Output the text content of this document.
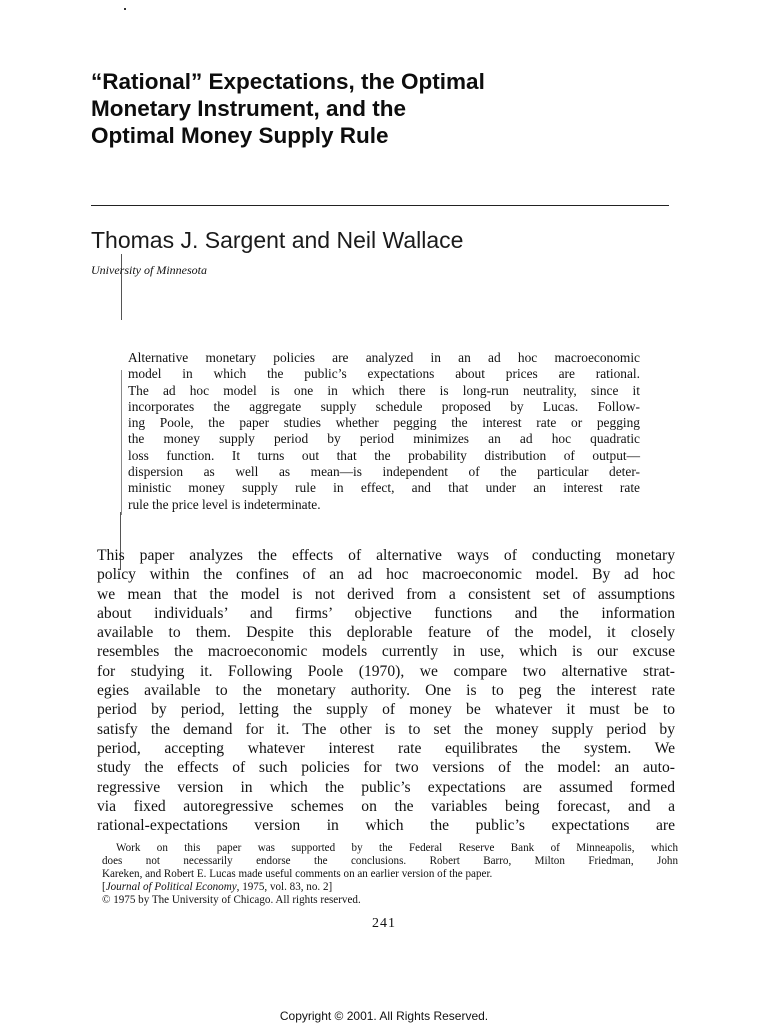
“Rational” Expectations, the Optimal
Monetary Instrument, and the
Optimal Money Supply Rule
Thomas J. Sargent and Neil Wallace
University of Minnesota
Alternative monetary policies are analyzed in an ad hoc macroeconomic
model in which the public’s expectations about prices are rational.
The ad hoc model is one in which there is long-run neutrality, since it
incorporates the aggregate supply schedule proposed by Lucas. Follow-
ing Poole, the paper studies whether pegging the interest rate or pegging
the money supply period by period minimizes an ad hoc quadratic
loss function. It turns out that the probability distribution of output—
dispersion as well as mean—is independent of the particular deter-
ministic money supply rule in effect, and that under an interest rate
rule the price level is indeterminate.
This paper analyzes the effects of alternative ways of conducting monetary
policy within the confines of an ad hoc macroeconomic model. By ad hoc
we mean that the model is not derived from a consistent set of assumptions
about individuals’ and firms’ objective functions and the information
available to them. Despite this deplorable feature of the model, it closely
resembles the macroeconomic models currently in use, which is our excuse
for studying it. Following Poole (1970), we compare two alternative strat-
egies available to the monetary authority. One is to peg the interest rate
period by period, letting the supply of money be whatever it must be to
satisfy the demand for it. The other is to set the money supply period by
period, accepting whatever interest rate equilibrates the system. We
study the effects of such policies for two versions of the model: an auto-
regressive version in which the public’s expectations are assumed formed
via fixed autoregressive schemes on the variables being forecast, and a
rational-expectations version in which the public’s expectations are
Work on this paper was supported by the Federal Reserve Bank of Minneapolis, which
does not necessarily endorse the conclusions. Robert Barro, Milton Friedman, John
Kareken, and Robert E. Lucas made useful comments on an earlier version of the paper.
[Journal of Political Economy, 1975, vol. 83, no. 2]
© 1975 by The University of Chicago. All rights reserved.
241
Copyright © 2001. All Rights Reserved.
